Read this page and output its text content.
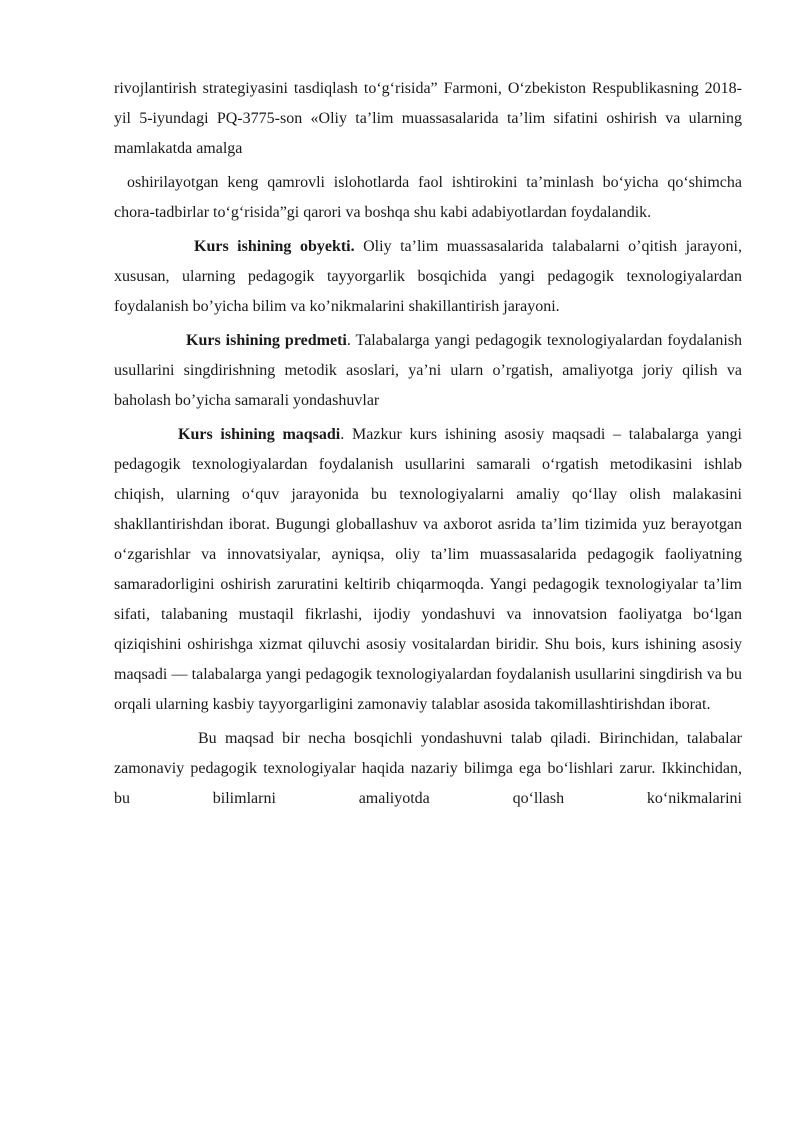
rivojlantirish strategiyasini tasdiqlash to‘g‘risida” Farmoni, O‘zbekiston Respublikasning 2018-yil 5-iyundagi PQ-3775-son «Oliy ta’lim muassasalarida ta’lim sifatini oshirish va ularning mamlakatda amalga

oshirilayotgan keng qamrovli islohotlarda faol ishtirokini ta’minlash bo‘yicha qo‘shimcha chora-tadbirlar to‘g‘risida”gi qarori va boshqa shu kabi adabiyotlardan foydalandik.

Kurs ishining obyekti. Oliy ta’lim muassasalarida talabalarni o’qitish jarayoni, xususan, ularning pedagogik tayyorgarlik bosqichida yangi pedagogik texnologiyalardan foydalanish bo’yicha bilim va ko’nikmalarini shakillantirish jarayoni.

Kurs ishining predmeti. Talabalarga yangi pedagogik texnologiyalardan foydalanish usullarini singdirishning metodik asoslari, ya’ni ularn o’rgatish, amaliyotga joriy qilish va baholash bo’yicha samarali yondashuvlar

Kurs ishining maqsadi. Mazkur kurs ishining asosiy maqsadi – talabalarga yangi pedagogik texnologiyalardan foydalanish usullarini samarali o‘rgatish metodikasini ishlab chiqish, ularning o‘quv jarayonida bu texnologiyalarni amaliy qo‘llay olish malakasini shakllantirishdan iborat. Bugungi globallashuv va axborot asrida ta’lim tizimida yuz berayotgan o‘zgarishlar va innovatsiyalar, ayniqsa, oliy ta’lim muassasalarida pedagogik faoliyatning samaradorligini oshirish zaruratini keltirib chiqarmoqda. Yangi pedagogik texnologiyalar ta’lim sifati, talabaning mustaqil fikrlashi, ijodiy yondashuvi va innovatsion faoliyatga bo‘lgan qiziqishini oshirishga xizmat qiluvchi asosiy vositalardan biridir. Shu bois, kurs ishining asosiy maqsadi — talabalarga yangi pedagogik texnologiyalardan foydalanish usullarini singdirish va bu orqali ularning kasbiy tayyorgarligini zamonaviy talablar asosida takomillashtirishdan iborat.

Bu maqsad bir necha bosqichli yondashuvni talab qiladi. Birinchidan, talabalar zamonaviy pedagogik texnologiyalar haqida nazariy bilimga ega bo‘lishlari zarur. Ikkinchidan, bu bilimlarni amaliyotda qo‘llash ko‘nikmalarini
